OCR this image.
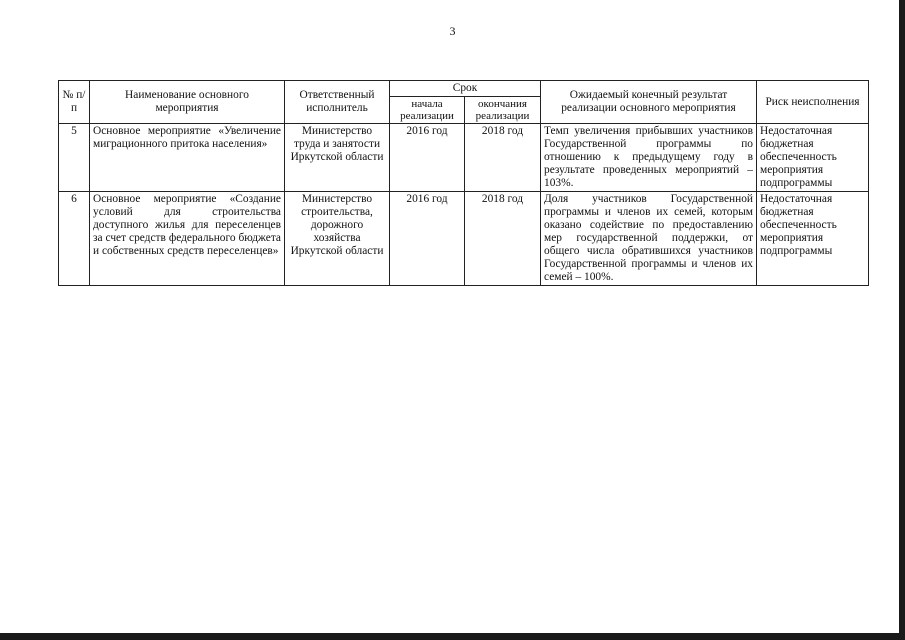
3
№ п/п	Наименование основного мероприятия	Ответственный исполнитель	Срок		Ожидаемый конечный результат реализации основного мероприятия	Риск неисполнения
			начала реализации	окончания реализации		
5	Основное мероприятие «Увеличение миграционного притока населения»	Министерство труда и занятости Иркутской области	2016 год	2018 год	Темп увеличения прибывших участников Государственной программы по отношению к предыдущему году в результате проведенных мероприятий – 103%.	Недостаточная бюджетная обеспеченность мероприятия подпрограммы
6	Основное мероприятие «Создание условий для строительства доступного жилья для переселенцев за счет средств федерального бюджета и собственных средств переселенцев»	Министерство строительства, дорожного хозяйства Иркутской области	2016 год	2018 год	Доля участников Государственной программы и членов их семей, которым оказано содействие по предоставлению мер государственной поддержки, от общего числа обратившихся участников Государственной программы и членов их семей – 100%.	Недостаточная бюджетная обеспеченность мероприятия подпрограммы
